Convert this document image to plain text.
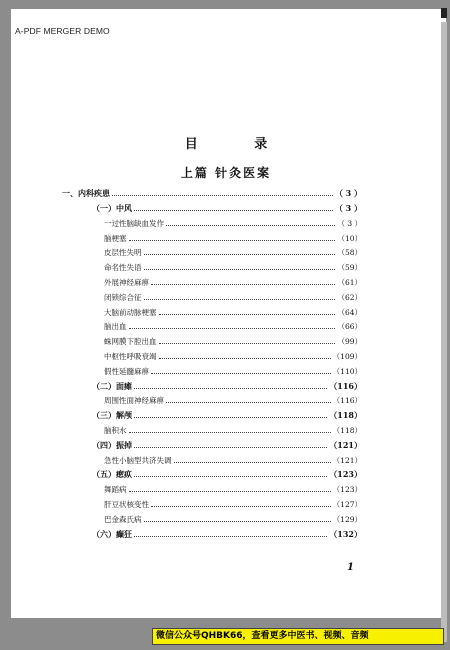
A-PDF MERGER DEMO
目 录
上篇 针灸医案
一、内科疾患	（ 3 ）
（一）中风	（ 3 ）
一过性脑缺血发作	（ 3 ）
脑梗塞	（10）
皮层性失明	（58）
命名性失语	（59）
外展神经麻痹	（61）
闭锁综合征	（62）
大脑前动脉梗塞	（64）
脑出血	（66）
蛛网膜下腔出血	（99）
中枢性呼吸衰竭	（109）
假性延髓麻痹	（110）
（二）面瘫	（116）
周围性面神经麻痹	（116）
（三）解颅	（118）
脑积水	（118）
（四）振掉	（121）
急性小脑型共济失调	（121）
（五）瘛疭	（123）
舞蹈病	（123）
肝豆状核变性	（127）
巴金森氏病	（129）
（六）癫狂	（132）
1
微信公众号QHBK66，查看更多中医书、视频、音频
